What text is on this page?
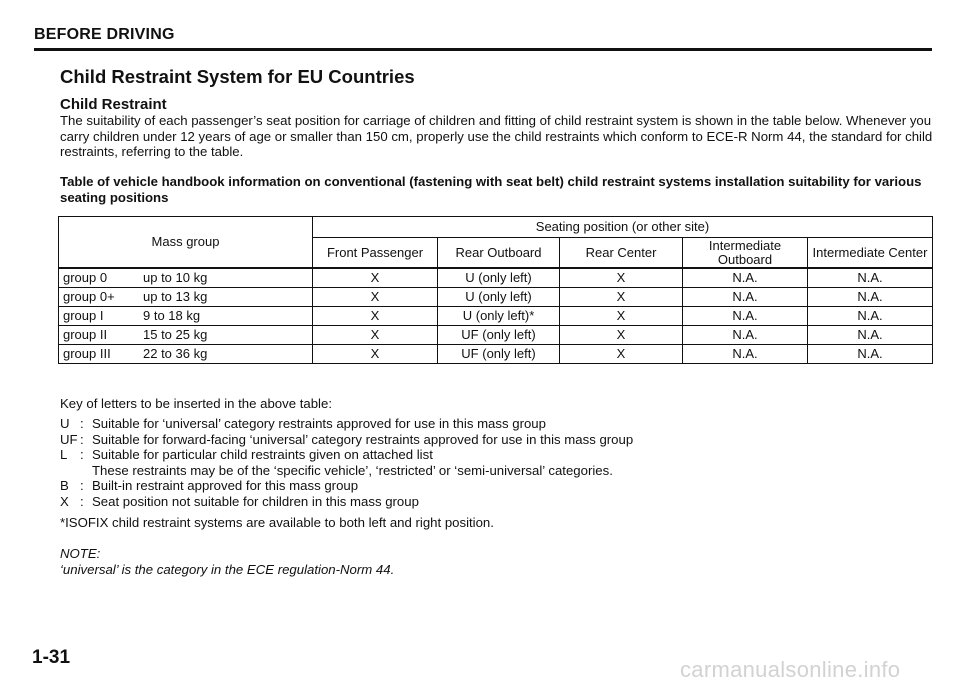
BEFORE DRIVING
Child Restraint System for EU Countries
Child Restraint
The suitability of each passenger’s seat position for carriage of children and fitting of child restraint system is shown in the table below. Whenever you carry children under 12 years of age or smaller than 150 cm, properly use the child restraints which conform to ECE-R Norm 44, the standard for child restraints, referring to the table.
Table of vehicle handbook information on conventional (fastening with seat belt) child restraint systems installation suitability for various seating positions
Mass group	Seating position (or other site)				
	Front Passenger	Rear Outboard	Rear Center	Intermediate Outboard	Intermediate Center
group 0 up to 10 kg	X	U (only left)	X	N.A.	N.A.
group 0+ up to 13 kg	X	U (only left)	X	N.A.	N.A.
group I 9 to 18 kg	X	U (only left)*	X	N.A.	N.A.
group II 15 to 25 kg	X	UF (only left)	X	N.A.	N.A.
group III 22 to 36 kg	X	UF (only left)	X	N.A.	N.A.
Key of letters to be inserted in the above table:
U : Suitable for ‘universal’ category restraints approved for use in this mass group
UF : Suitable for forward-facing ‘universal’ category restraints approved for use in this mass group
L : Suitable for particular child restraints given on attached list
These restraints may be of the ‘specific vehicle’, ‘restricted’ or ‘semi-universal’ categories.
B : Built-in restraint approved for this mass group
X : Seat position not suitable for children in this mass group
*ISOFIX child restraint systems are available to both left and right position.
NOTE:
‘universal’ is the category in the ECE regulation-Norm 44.
1-31	carmanualsonline.info
